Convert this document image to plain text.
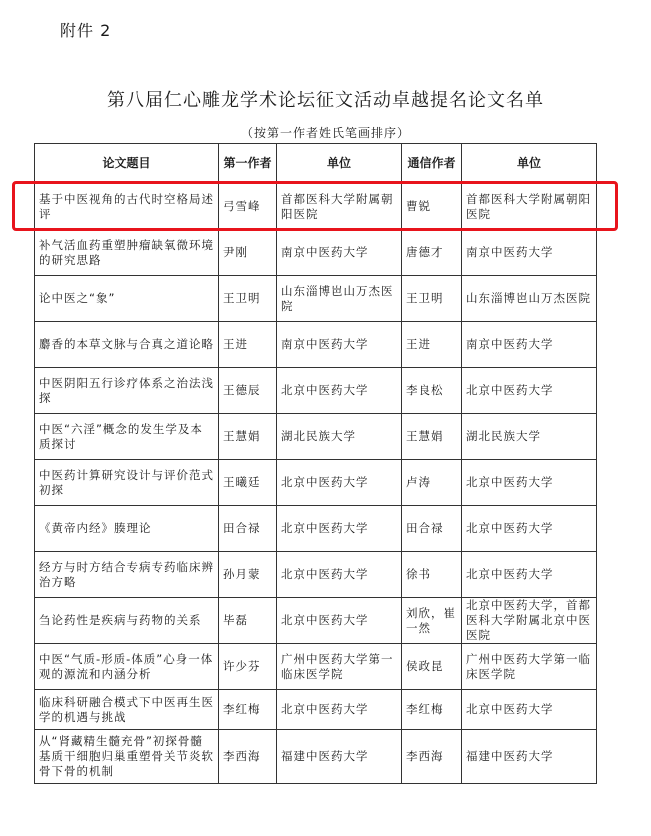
附件 2
第八届仁心雕龙学术论坛征文活动卓越提名论文名单
（按第一作者姓氏笔画排序）
论文题目	第一作者	单位	通信作者	单位
基于中医视角的古代时空格局述评	弓雪峰	首都医科大学附属朝阳医院	曹锐	首都医科大学附属朝阳医院
补气活血药重塑肿瘤缺氧微环境的研究思路	尹刚	南京中医药大学	唐德才	南京中医药大学
论中医之“象”	王卫明	山东淄博岜山万杰医院	王卫明	山东淄博岜山万杰医院
麝香的本草文脉与合真之道论略	王进	南京中医药大学	王进	南京中医药大学
中医阴阳五行诊疗体系之治法浅探	王德辰	北京中医药大学	李良松	北京中医药大学
中医“六淫”概念的发生学及本质探讨	王慧娟	湖北民族大学	王慧娟	湖北民族大学
中医药计算研究设计与评价范式初探	王曦廷	北京中医药大学	卢涛	北京中医药大学
《黄帝内经》腠理论	田合禄	北京中医药大学	田合禄	北京中医药大学
经方与时方结合专病专药临床辨治方略	孙月蒙	北京中医药大学	徐书	北京中医药大学
刍论药性是疾病与药物的关系	毕磊	北京中医药大学	刘欣，崔一然	北京中医药大学，首都医科大学附属北京中医医院
中医“气质-形质-体质”心身一体观的源流和内涵分析	许少芬	广州中医药大学第一临床医学院	侯政昆	广州中医药大学第一临床医学院
临床科研融合模式下中医再生医学的机遇与挑战	李红梅	北京中医药大学	李红梅	北京中医药大学
从“肾藏精生髓充骨”初探骨髓基质干细胞归巢重塑骨关节炎软骨下骨的机制	李西海	福建中医药大学	李西海	福建中医药大学
